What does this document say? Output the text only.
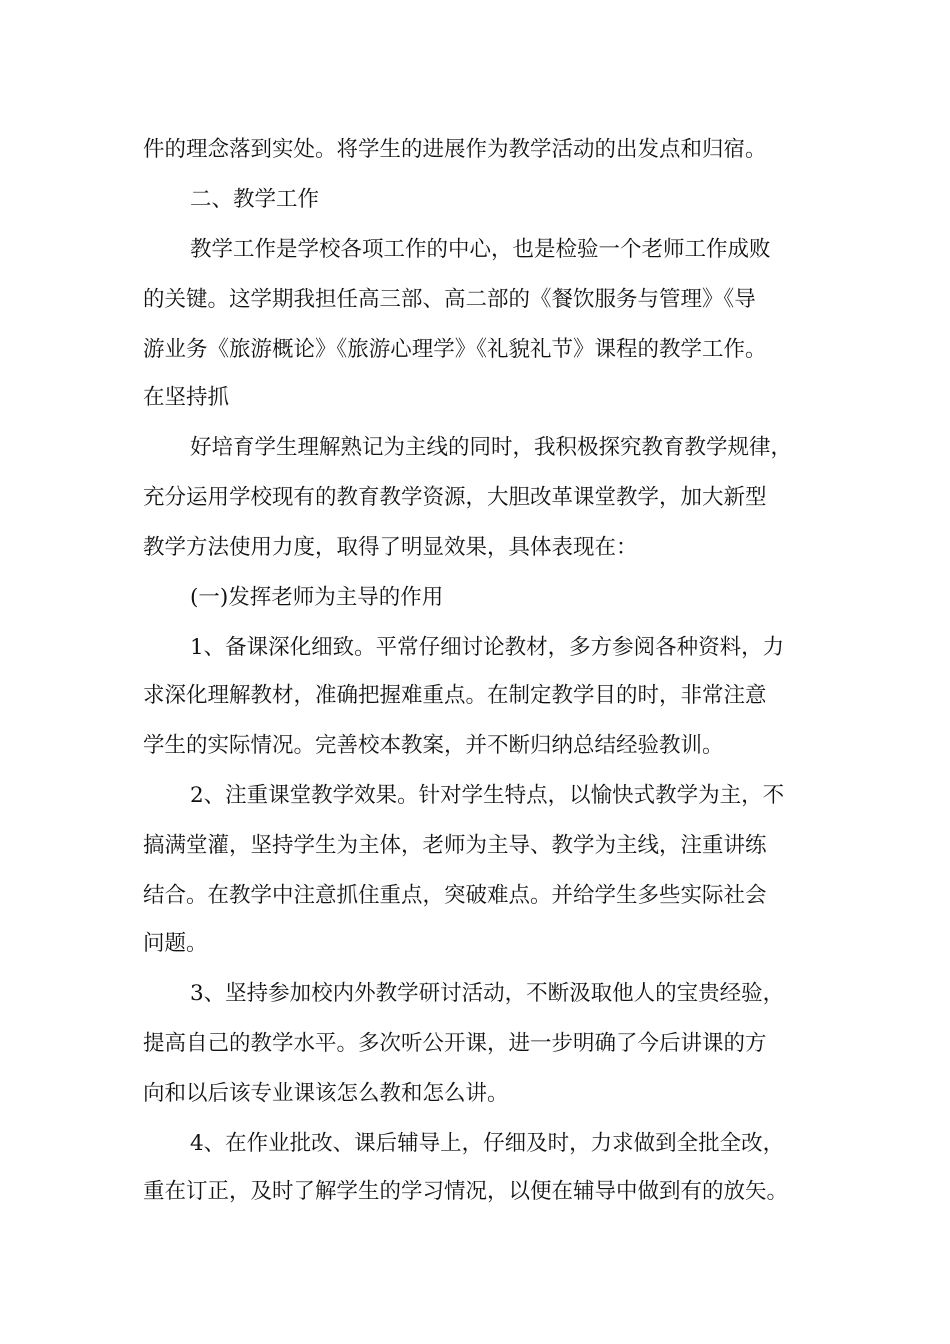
件的理念落到实处。将学生的进展作为教学活动的出发点和归宿。
二、教学工作
教学工作是学校各项工作的中心，也是检验一个老师工作成败
的关键。这学期我担任高三部、高二部的《餐饮服务与管理》《导
游业务《旅游概论》《旅游心理学》《礼貌礼节》课程的教学工作。
在坚持抓
好培育学生理解熟记为主线的同时，我积极探究教育教学规律，
充分运用学校现有的教育教学资源，大胆改革课堂教学，加大新型
教学方法使用力度，取得了明显效果，具体表现在：
(一)发挥老师为主导的作用
1、备课深化细致。平常仔细讨论教材，多方参阅各种资料，力
求深化理解教材，准确把握难重点。在制定教学目的时，非常注意
学生的实际情况。完善校本教案，并不断归纳总结经验教训。
2、注重课堂教学效果。针对学生特点，以愉快式教学为主，不
搞满堂灌，坚持学生为主体，老师为主导、教学为主线，注重讲练
结合。在教学中注意抓住重点，突破难点。并给学生多些实际社会
问题。
3、坚持参加校内外教学研讨活动，不断汲取他人的宝贵经验，
提高自己的教学水平。多次听公开课，进一步明确了今后讲课的方
向和以后该专业课该怎么教和怎么讲。
4、在作业批改、课后辅导上，仔细及时，力求做到全批全改，
重在订正，及时了解学生的学习情况，以便在辅导中做到有的放矢。
